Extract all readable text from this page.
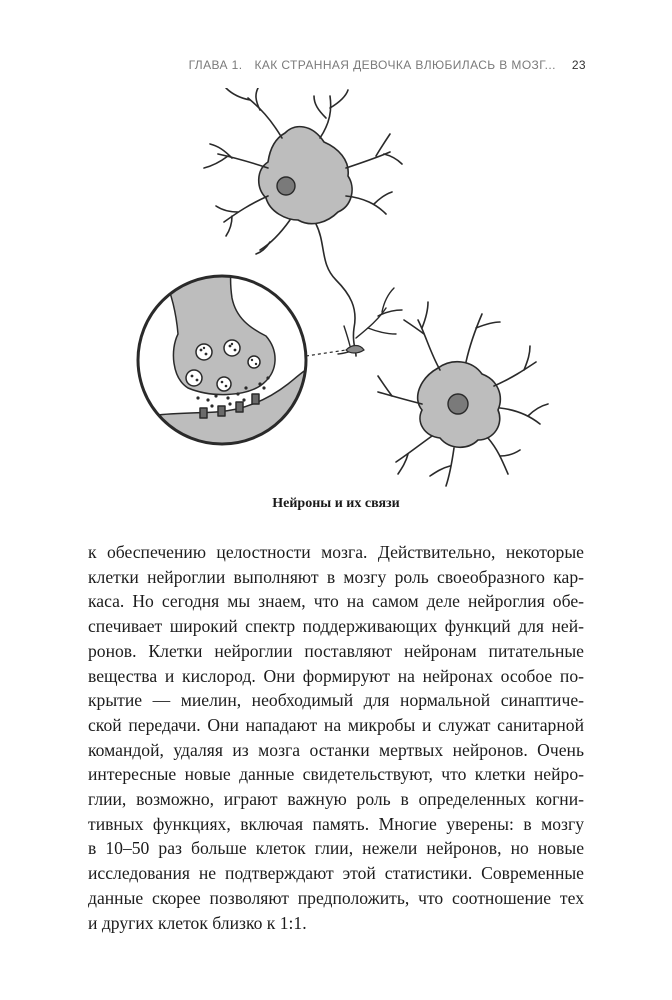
ГЛАВА 1. КАК СТРАННАЯ ДЕВОЧКА ВЛЮБИЛАСЬ В МОЗГ... 23
Нейроны и их связи
к обеспечению целостности мозга. Действительно, некоторые
клетки нейроглии выполняют в мозгу роль своеобразного кар-
каса. Но сегодня мы знаем, что на самом деле нейроглия обе-
спечивает широкий спектр поддерживающих функций для ней-
ронов. Клетки нейроглии поставляют нейронам питательные
вещества и кислород. Они формируют на нейронах особое по-
крытие — миелин, необходимый для нормальной синаптиче-
ской передачи. Они нападают на микробы и служат санитарной
командой, удаляя из мозга останки мертвых нейронов. Очень
интересные новые данные свидетельствуют, что клетки нейро-
глии, возможно, играют важную роль в определенных когни-
тивных функциях, включая память. Многие уверены: в мозгу
в 10–50 раз больше клеток глии, нежели нейронов, но новые
исследования не подтверждают этой статистики. Современные
данные скорее позволяют предположить, что соотношение тех
и других клеток близко к 1:1.
